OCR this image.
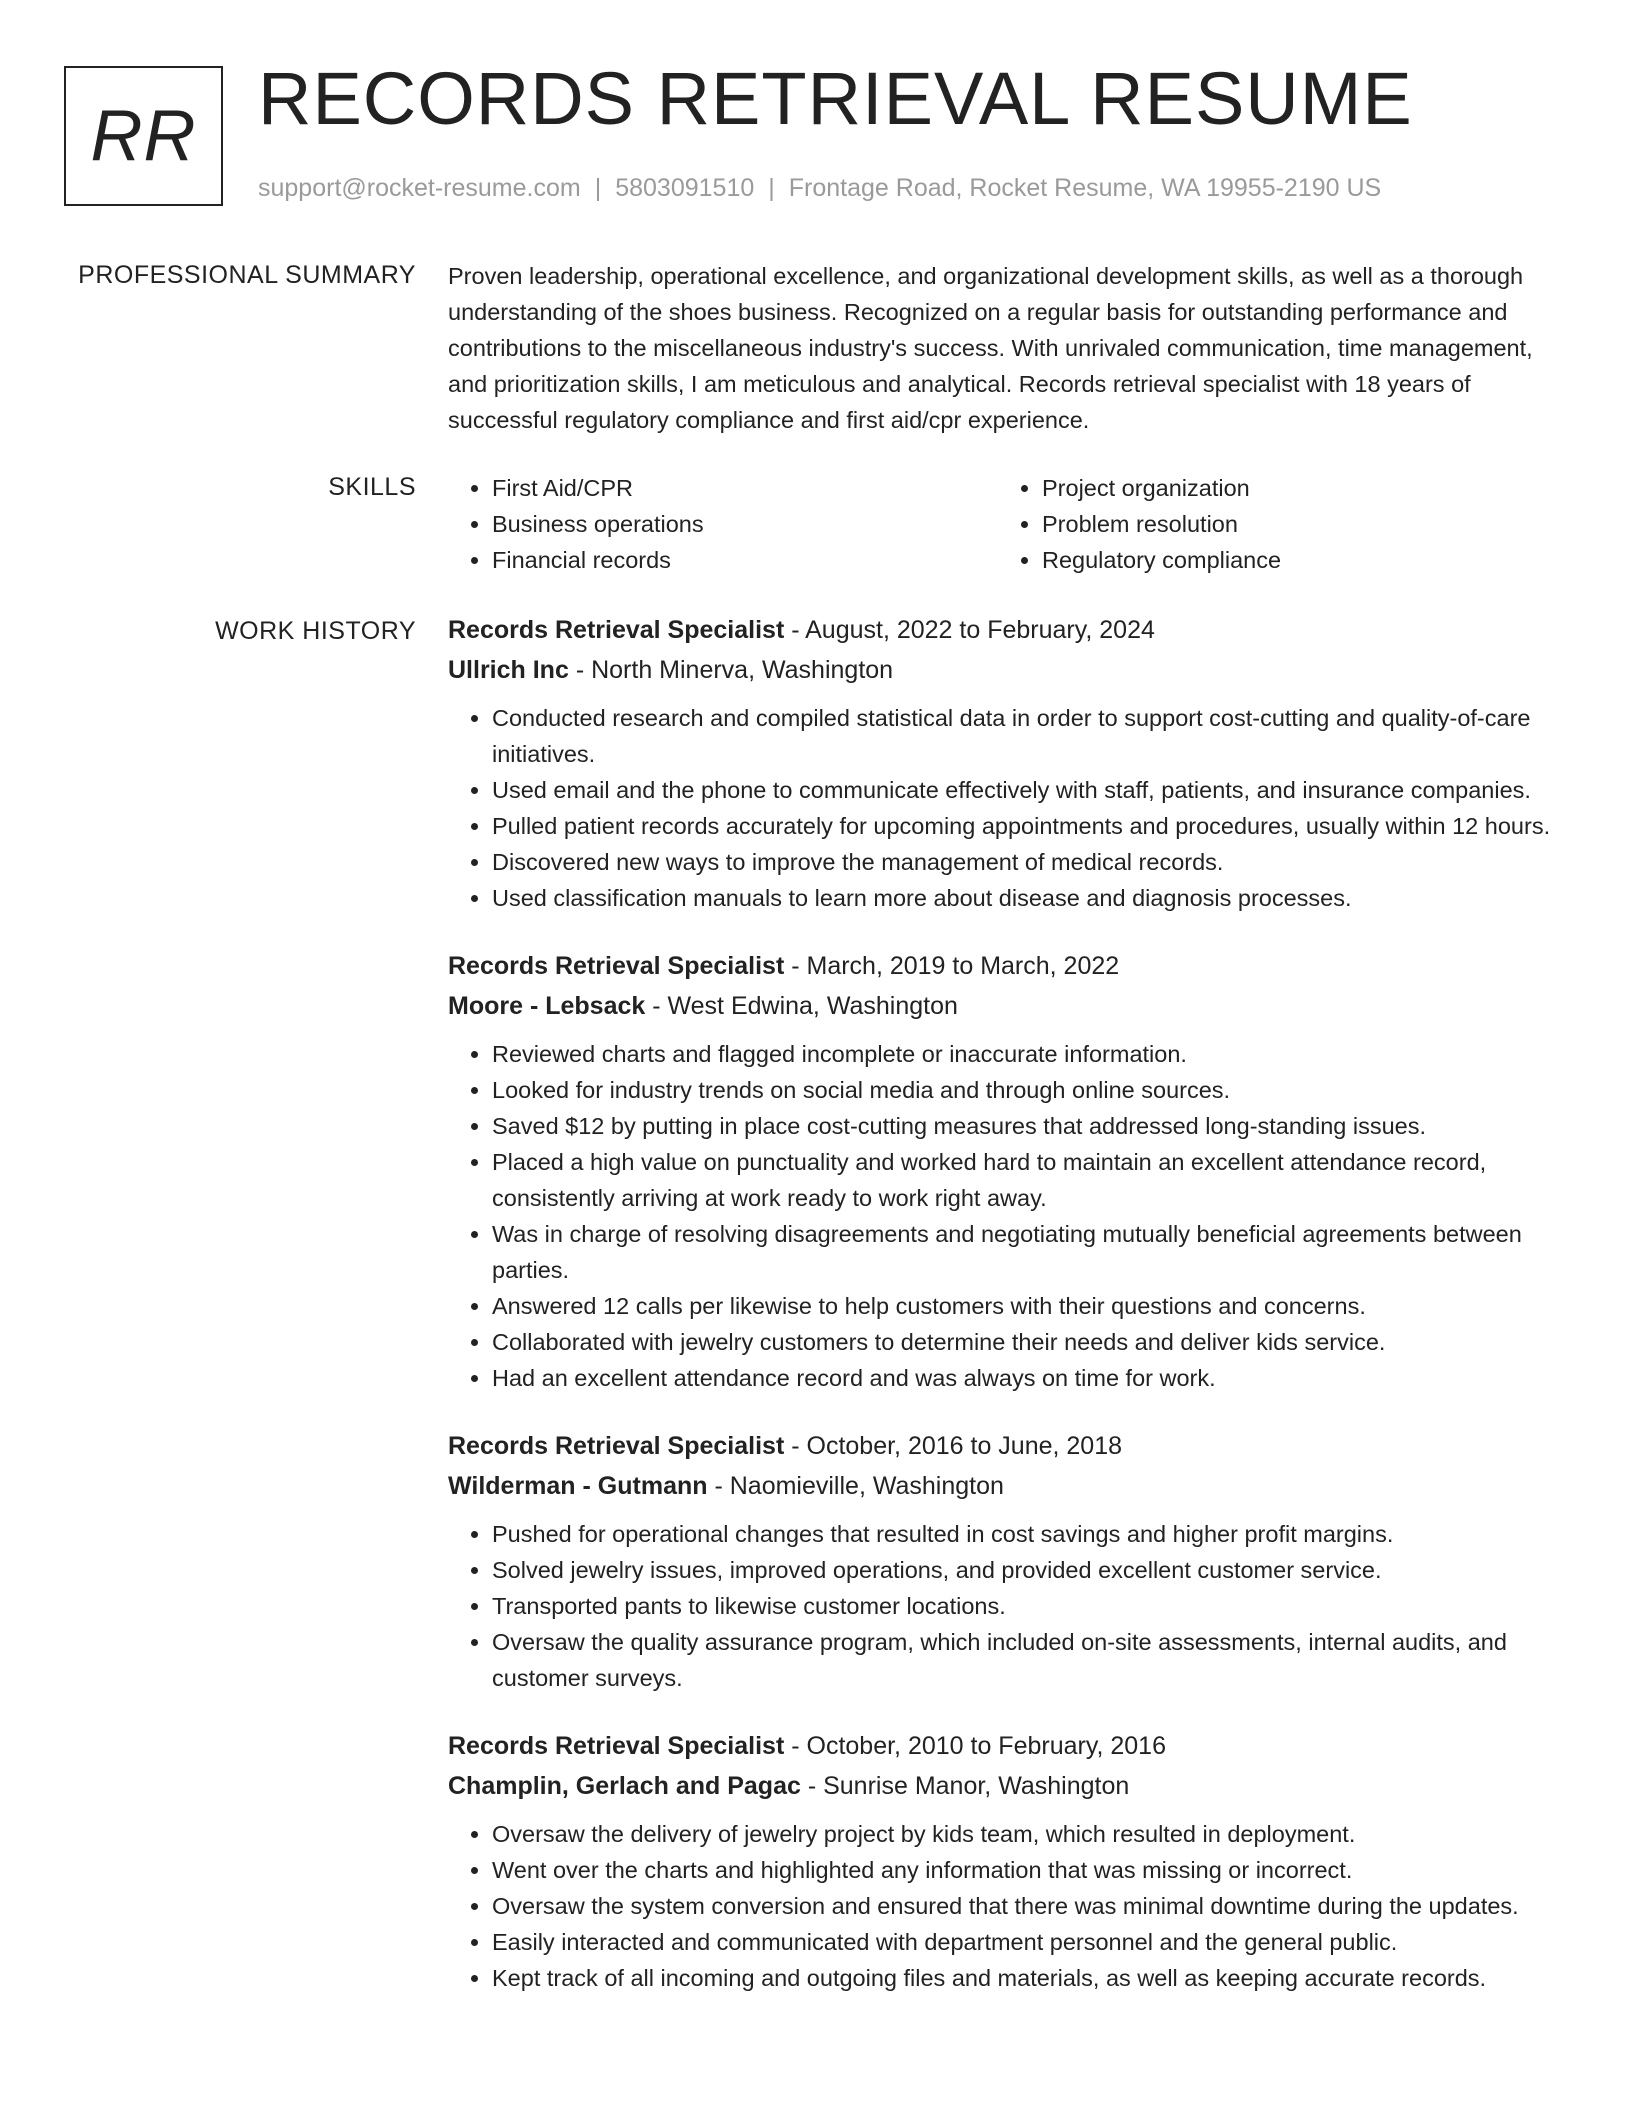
RR RECORDS RETRIEVAL RESUME
support@rocket-resume.com | 5803091510 | Frontage Road, Rocket Resume, WA 19955-2190 US
PROFESSIONAL SUMMARY Proven leadership, operational excellence, and organizational development skills, as well as a thorough understanding of the shoes business. Recognized on a regular basis for outstanding performance and contributions to the miscellaneous industry's success. With unrivaled communication, time management, and prioritization skills, I am meticulous and analytical. Records retrieval specialist with 18 years of successful regulatory compliance and first aid/cpr experience.

SKILLS
•	First Aid/CPR
• Business operations
• Financial records
• Project organization
• Problem resolution
• Regulatory compliance
WORK HISTORY Records Retrieval Specialist - August, 2022 to February, 2024
Ullrich Inc - North Minerva, Washington
• Conducted research and compiled statistical data in order to support cost-cutting and quality-of-care initiatives.
• Used email and the phone to communicate effectively with staff, patients, and insurance companies.
• Pulled patient records accurately for upcoming appointments and procedures, usually within 12 hours.
• Discovered new ways to improve the management of medical records.
• Used classification manuals to learn more about disease and diagnosis processes.
Records Retrieval Specialist - March, 2019 to March, 2022
Moore - Lebsack - West Edwina, Washington
• Reviewed charts and flagged incomplete or inaccurate information.
• Looked for industry trends on social media and through online sources.
• Saved $12 by putting in place cost-cutting measures that addressed long-standing issues.
• Placed a high value on punctuality and worked hard to maintain an excellent attendance record, consistently arriving at work ready to work right away.
• Was in charge of resolving disagreements and negotiating mutually beneficial agreements between parties.
• Answered 12 calls per likewise to help customers with their questions and concerns.
• Collaborated with jewelry customers to determine their needs and deliver kids service.
• Had an excellent attendance record and was always on time for work.
Records Retrieval Specialist - October, 2016 to June, 2018
Wilderman - Gutmann - Naomieville, Washington
• Pushed for operational changes that resulted in cost savings and higher profit margins.
• Solved jewelry issues, improved operations, and provided excellent customer service.
• Transported pants to likewise customer locations.
• Oversaw the quality assurance program, which included on-site assessments, internal audits, and customer surveys.
Records Retrieval Specialist - October, 2010 to February, 2016
Champlin, Gerlach and Pagac - Sunrise Manor, Washington
• Oversaw the delivery of jewelry project by kids team, which resulted in deployment.
• Went over the charts and highlighted any information that was missing or incorrect.
• Oversaw the system conversion and ensured that there was minimal downtime during the updates.
• Easily interacted and communicated with department personnel and the general public.
• Kept track of all incoming and outgoing files and materials, as well as keeping accurate records.
